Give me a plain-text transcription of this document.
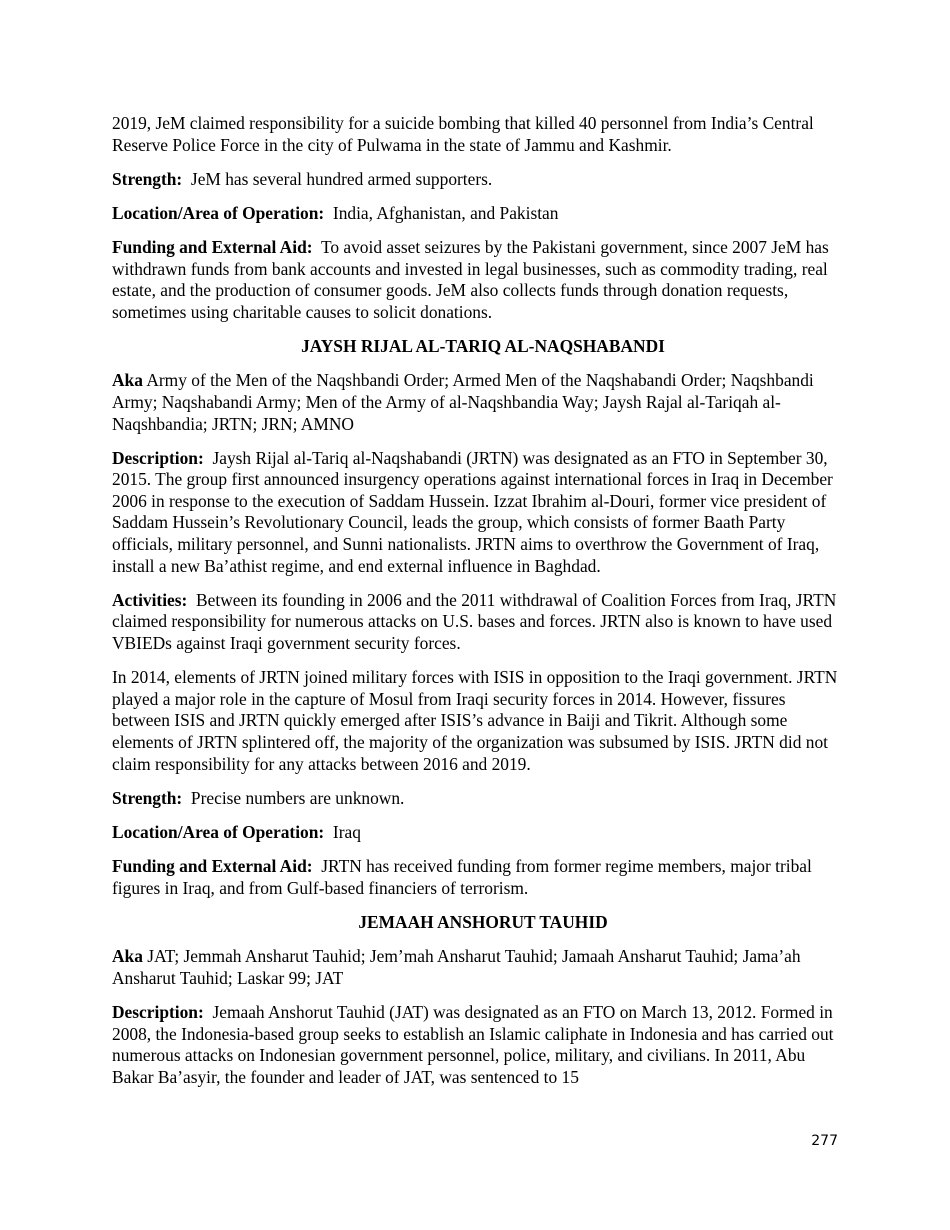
2019, JeM claimed responsibility for a suicide bombing that killed 40 personnel from India’s Central Reserve Police Force in the city of Pulwama in the state of Jammu and Kashmir.

Strength: JeM has several hundred armed supporters.

Location/Area of Operation: India, Afghanistan, and Pakistan

Funding and External Aid: To avoid asset seizures by the Pakistani government, since 2007 JeM has withdrawn funds from bank accounts and invested in legal businesses, such as commodity trading, real estate, and the production of consumer goods. JeM also collects funds through donation requests, sometimes using charitable causes to solicit donations.

JAYSH RIJAL AL-TARIQ AL-NAQSHABANDI

Aka Army of the Men of the Naqshbandi Order; Armed Men of the Naqshabandi Order; Naqshbandi Army; Naqshabandi Army; Men of the Army of al-Naqshbandia Way; Jaysh Rajal al-Tariqah al-Naqshbandia; JRTN; JRN; AMNO

Description: Jaysh Rijal al-Tariq al-Naqshabandi (JRTN) was designated as an FTO in September 30, 2015. The group first announced insurgency operations against international forces in Iraq in December 2006 in response to the execution of Saddam Hussein. Izzat Ibrahim al-Douri, former vice president of Saddam Hussein’s Revolutionary Council, leads the group, which consists of former Baath Party officials, military personnel, and Sunni nationalists. JRTN aims to overthrow the Government of Iraq, install a new Ba’athist regime, and end external influence in Baghdad.

Activities: Between its founding in 2006 and the 2011 withdrawal of Coalition Forces from Iraq, JRTN claimed responsibility for numerous attacks on U.S. bases and forces. JRTN also is known to have used VBIEDs against Iraqi government security forces.

In 2014, elements of JRTN joined military forces with ISIS in opposition to the Iraqi government. JRTN played a major role in the capture of Mosul from Iraqi security forces in 2014. However, fissures between ISIS and JRTN quickly emerged after ISIS’s advance in Baiji and Tikrit. Although some elements of JRTN splintered off, the majority of the organization was subsumed by ISIS. JRTN did not claim responsibility for any attacks between 2016 and 2019.

Strength: Precise numbers are unknown.

Location/Area of Operation: Iraq

Funding and External Aid: JRTN has received funding from former regime members, major tribal figures in Iraq, and from Gulf-based financiers of terrorism.

JEMAAH ANSHORUT TAUHID

Aka JAT; Jemmah Ansharut Tauhid; Jem’mah Ansharut Tauhid; Jamaah Ansharut Tauhid; Jama’ah Ansharut Tauhid; Laskar 99; JAT

Description: Jemaah Anshorut Tauhid (JAT) was designated as an FTO on March 13, 2012. Formed in 2008, the Indonesia-based group seeks to establish an Islamic caliphate in Indonesia and has carried out numerous attacks on Indonesian government personnel, police, military, and civilians. In 2011, Abu Bakar Ba’asyir, the founder and leader of JAT, was sentenced to 15

277
